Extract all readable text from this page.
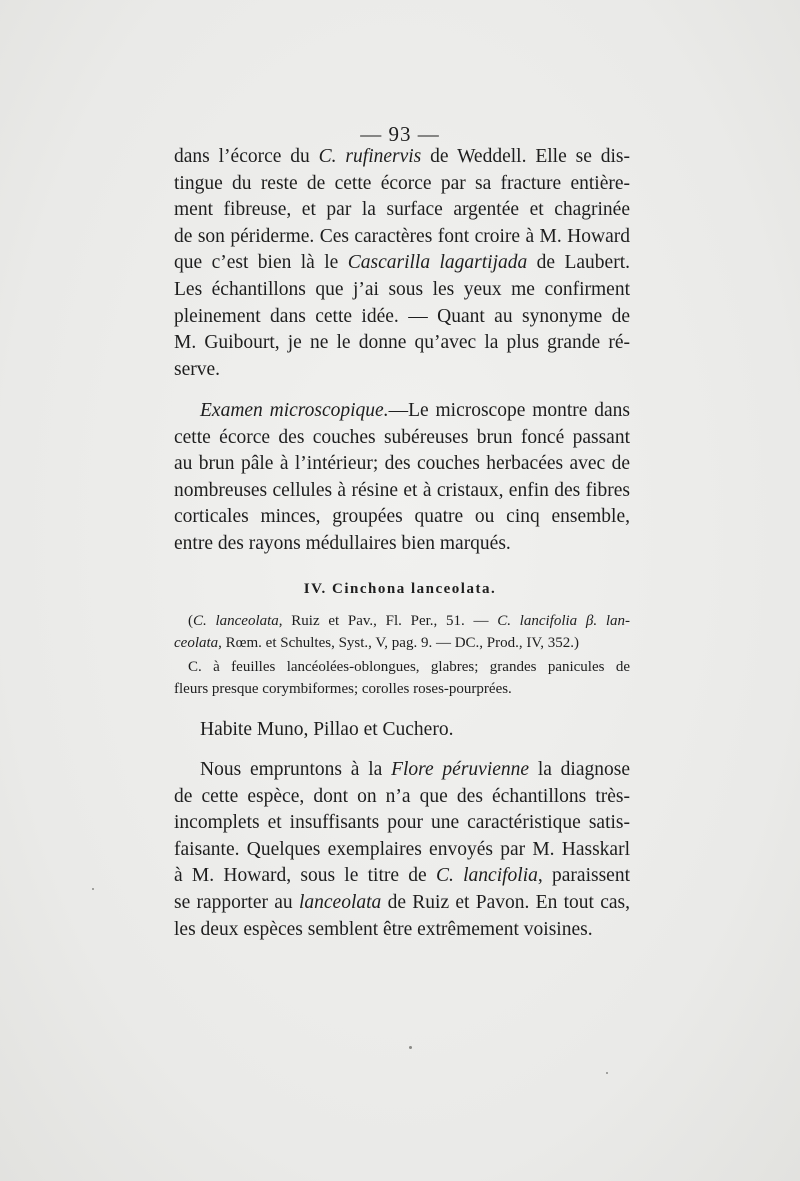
— 93 —
dans l’écorce du C. rufinervis de Weddell. Elle se dis-
tingue du reste de cette écorce par sa fracture entière-
ment fibreuse, et par la surface argentée et chagrinée
de son périderme. Ces caractères font croire à M. Howard
que c’est bien là le Cascarilla lagartijada de Laubert.
Les échantillons que j’ai sous les yeux me confirment
pleinement dans cette idée. — Quant au synonyme de
M. Guibourt, je ne le donne qu’avec la plus grande ré-
serve.
Examen microscopique.—Le microscope montre dans
cette écorce des couches subéreuses brun foncé passant
au brun pâle à l’intérieur; des couches herbacées avec de
nombreuses cellules à résine et à cristaux, enfin des fibres
corticales minces, groupées quatre ou cinq ensemble,
entre des rayons médullaires bien marqués.
IV. Cinchona lanceolata.
(C. lanceolata, Ruiz et Pav., Fl. Per., 51. — C. lancifolia β. lan-
ceolata, Rœm. et Schultes, Syst., V, pag. 9. — DC., Prod., IV, 352.)
C. à feuilles lancéolées-oblongues, glabres; grandes panicules de
fleurs presque corymbiformes; corolles roses-pourprées.
Habite Muno, Pillao et Cuchero.
Nous empruntons à la Flore péruvienne la diagnose
de cette espèce, dont on n’a que des échantillons très-
incomplets et insuffisants pour une caractéristique satis-
faisante. Quelques exemplaires envoyés par M. Hasskarl
à M. Howard, sous le titre de C. lancifolia, paraissent
se rapporter au lanceolata de Ruiz et Pavon. En tout cas,
les deux espèces semblent être extrêmement voisines.
